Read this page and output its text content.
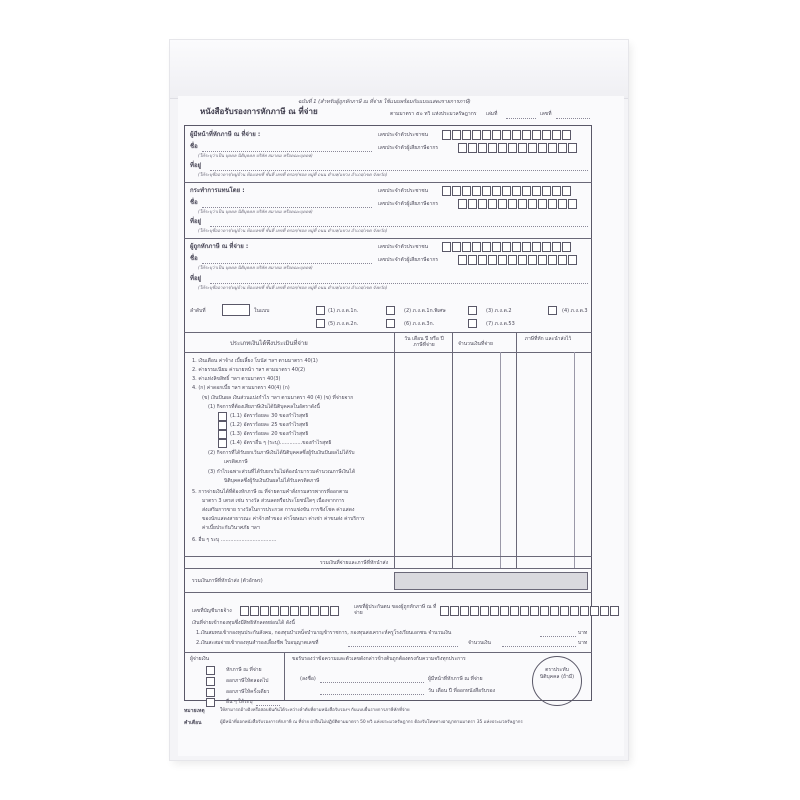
ฉบับที่ 1 (สำหรับผู้ถูกหักภาษี ณ ที่จ่าย ใช้แนบพร้อมกับแบบแสดงรายการภาษี)
หนังสือรับรองการหักภาษี ณ ที่จ่าย	ตามมาตรา ๕๐ ทวิ แห่งประมวลรัษฎากร เล่มที่	เลขที่
ผู้มีหน้าที่หักภาษี ณ ที่จ่าย :	เลขประจำตัวประชาชน
ชื่อ	เลขประจำตัวผู้เสียภาษีอากร
(ให้ระบุว่าเป็น บุคคล นิติบุคคล บริษัท สมาคม หรือคณะบุคคล)
ที่อยู่
(ให้ระบุชื่ออาคาร/หมู่บ้าน ห้องเลขที่ ชั้นที่ เลขที่ ตรอก/ซอย หมู่ที่ ถนน ตำบล/แขวง อำเภอ/เขต จังหวัด)
กระทำการแทนโดย :	เลขประจำตัวประชาชน
ชื่อ	เลขประจำตัวผู้เสียภาษีอากร
(ให้ระบุว่าเป็น บุคคล นิติบุคคล บริษัท สมาคม หรือคณะบุคคล)
ที่อยู่
(ให้ระบุชื่ออาคาร/หมู่บ้าน ห้องเลขที่ ชั้นที่ เลขที่ ตรอก/ซอย หมู่ที่ ถนน ตำบล/แขวง อำเภอ/เขต จังหวัด)
ผู้ถูกหักภาษี ณ ที่จ่าย :	เลขประจำตัวประชาชน
ชื่อ	เลขประจำตัวผู้เสียภาษีอากร
(ให้ระบุว่าเป็น บุคคล นิติบุคคล บริษัท สมาคม หรือคณะบุคคล)
ที่อยู่
(ให้ระบุชื่ออาคาร/หมู่บ้าน ห้องเลขที่ ชั้นที่ เลขที่ ตรอก/ซอย หมู่ที่ ถนน ตำบล/แขวง อำเภอ/เขต จังหวัด)
ลำดับที่	ในแบบ	(1) ภ.ง.ด.1ก.	(2) ภ.ง.ด.1ก.พิเศษ	(3) ภ.ง.ด.2	(4) ภ.ง.ด.3
(5) ภ.ง.ด.2ก.	(6) ภ.ง.ด.3ก.	(7) ภ.ง.ด.53
ประเภทเงินได้พึงประเมินที่จ่าย
วัน เดือน ปี หรือ ปีภาษีที่จ่าย	จำนวนเงินที่จ่าย
ภาษีที่หัก และนำส่งไว้
1. เงินเดือน ค่าจ้าง เบี้ยเลี้ยง โบนัส ฯลฯ ตามมาตรา 40(1)
2. ค่าธรรมเนียม ค่านายหน้า ฯลฯ ตามมาตรา 40(2)
3. ค่าแห่งลิขสิทธิ์ ฯลฯ ตามมาตรา 40(3)
4. (ก) ค่าดอกเบี้ย ฯลฯ ตามมาตรา 40(4) (ก)
(ข) เงินปันผล เงินส่วนแบ่งกำไร ฯลฯ ตามมาตรา 40 (4) (ข) ที่จ่ายจาก
(1) กิจการที่ต้องเสียภาษีเงินได้นิติบุคคลในอัตราดังนี้
(1.1) อัตราร้อยละ 30 ของกำไรสุทธิ
(1.2) อัตราร้อยละ 25 ของกำไรสุทธิ
(1.3) อัตราร้อยละ 20 ของกำไรสุทธิ
(1.4) อัตราอื่น ๆ (ระบุ)..............ของกำไรสุทธิ
(2) กิจการที่ได้รับยกเว้นภาษีเงินได้นิติบุคคลซึ่งผู้รับเงินปันผลไม่ได้รับ
เครดิตภาษี
(3) กำไรเฉพาะส่วนที่ได้รับยกเว้นไม่ต้องนำมารวมคำนวณภาษีเงินได้
นิติบุคคลซึ่งผู้รับเงินปันผลไม่ได้รับเครดิตภาษี
5. การจ่ายเงินได้ที่ต้องหักภาษี ณ ที่จ่ายตามคำสั่งกรมสรรพากรที่ออกตาม
มาตรา 3 เตรส เช่น รางวัล ส่วนลดหรือประโยชน์ใดๆ เนื่องจากการ
ส่งเสริมการขาย รางวัลในการประกวด การแข่งขัน การชิงโชค ค่าแสดง
ของนักแสดงสาธารณะ ค่าจ้างทำของ ค่าโฆษณา ค่าเช่า ค่าขนส่ง ค่าบริการ
ค่าเบี้ยประกันวินาศภัย ฯลฯ
6. อื่น ๆ ระบุ ...................................
รวมเงินที่จ่ายและภาษีที่หักนำส่ง
รวมเงินภาษีที่หักนำส่ง (ตัวอักษร)
เลขที่บัญชีนายจ้าง
เลขที่ผู้ประกันตน ของผู้ถูกหักภาษี ณ ที่จ่าย
เงินที่จ่ายเข้ากองทุนซึ่งมีสิทธิหักลดหย่อนได้ ดังนี้
1.เงินสมทบเข้ากองทุนประกันสังคม, กองทุนบำเหน็จบำนาญข้าราชการ, กองทุนสงเคราะห์ครูโรงเรียนเอกชน จำนวนเงิน	บาท
2.เงินสะสมจ่ายเข้ากองทุนสำรองเลี้ยงชีพ ใบอนุญาตเลขที่	จำนวนเงิน	บาท
ผู้จ่ายเงิน
หักภาษี ณ ที่จ่าย
ออกภาษีให้ตลอดไป
ออกภาษีให้ครั้งเดียว
อื่น ๆ ให้ระบุ
ขอรับรองว่าข้อความและตัวเลขดังกล่าวข้างต้นถูกต้องตรงกับความจริงทุกประการ
(ลงชื่อ)	ผู้มีหน้าที่หักภาษี ณ ที่จ่าย
วัน เดือน ปี ที่ออกหนังสือรับรอง
ตราประทับ นิติบุคคล (ถ้ามี)
หมายเหตุ	ให้สามารถอ้างอิงหรือสอบยันกันได้ระหว่างลำดับที่ตามหนังสือรับรองฯ กับแบบยื่นรายการภาษีหักที่จ่าย
คำเตือน	ผู้มีหน้าที่ออกหนังสือรับรองการหักภาษี ณ ที่จ่าย ฝ่าฝืนไม่ปฏิบัติตามมาตรา 50 ทวิ แห่งประมวลรัษฎากร ต้องรับโทษทางอาญาตามมาตรา 35 แห่งประมวลรัษฎากร
